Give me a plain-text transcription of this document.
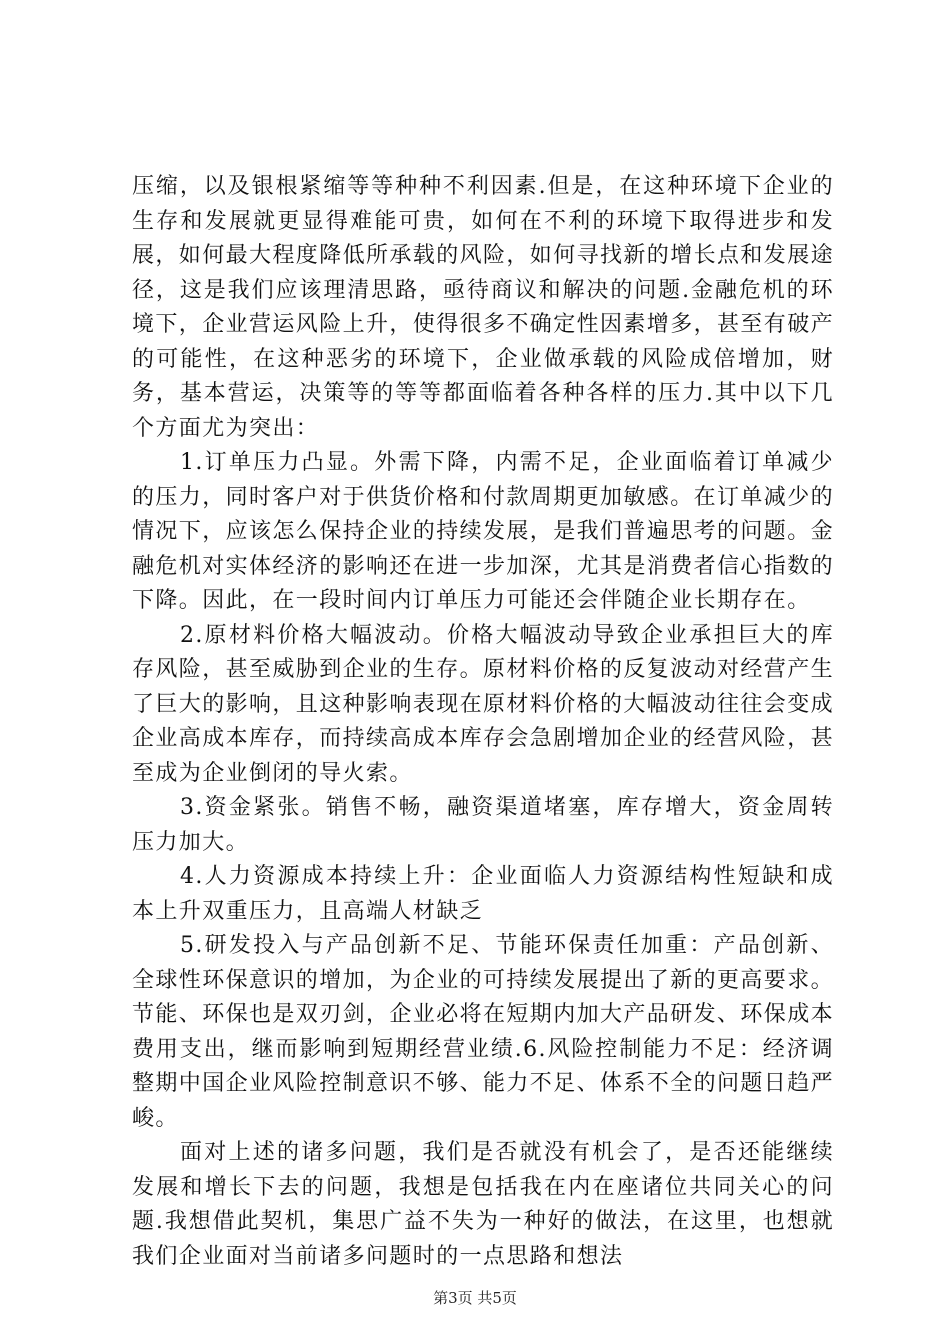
压缩，以及银根紧缩等等种种不利因素.但是，在这种环境下企业的生存和发展就更显得难能可贵，如何在不利的环境下取得进步和发展，如何最大程度降低所承载的风险，如何寻找新的增长点和发展途径，这是我们应该理清思路，亟待商议和解决的问题.金融危机的环境下，企业营运风险上升，使得很多不确定性因素增多，甚至有破产的可能性，在这种恶劣的环境下，企业做承载的风险成倍增加，财务，基本营运，决策等的等等都面临着各种各样的压力.其中以下几个方面尤为突出：

1.订单压力凸显。外需下降，内需不足，企业面临着订单减少的压力，同时客户对于供货价格和付款周期更加敏感。在订单减少的情况下，应该怎么保持企业的持续发展，是我们普遍思考的问题。金融危机对实体经济的影响还在进一步加深，尤其是消费者信心指数的下降。因此，在一段时间内订单压力可能还会伴随企业长期存在。

2.原材料价格大幅波动。价格大幅波动导致企业承担巨大的库存风险，甚至威胁到企业的生存。原材料价格的反复波动对经营产生了巨大的影响，且这种影响表现在原材料价格的大幅波动往往会变成企业高成本库存，而持续高成本库存会急剧增加企业的经营风险，甚至成为企业倒闭的导火索。

3.资金紧张。销售不畅，融资渠道堵塞，库存增大，资金周转压力加大。

4.人力资源成本持续上升：企业面临人力资源结构性短缺和成本上升双重压力，且高端人材缺乏

5.研发投入与产品创新不足、节能环保责任加重：产品创新、全球性环保意识的增加，为企业的可持续发展提出了新的更高要求。节能、环保也是双刃剑，企业必将在短期内加大产品研发、环保成本费用支出，继而影响到短期经营业绩.6.风险控制能力不足：经济调整期中国企业风险控制意识不够、能力不足、体系不全的问题日趋严峻。

面对上述的诸多问题，我们是否就没有机会了，是否还能继续发展和增长下去的问题，我想是包括我在内在座诸位共同关心的问题.我想借此契机，集思广益不失为一种好的做法，在这里，也想就我们企业面对当前诸多问题时的一点思路和想法

第3页 共5页
